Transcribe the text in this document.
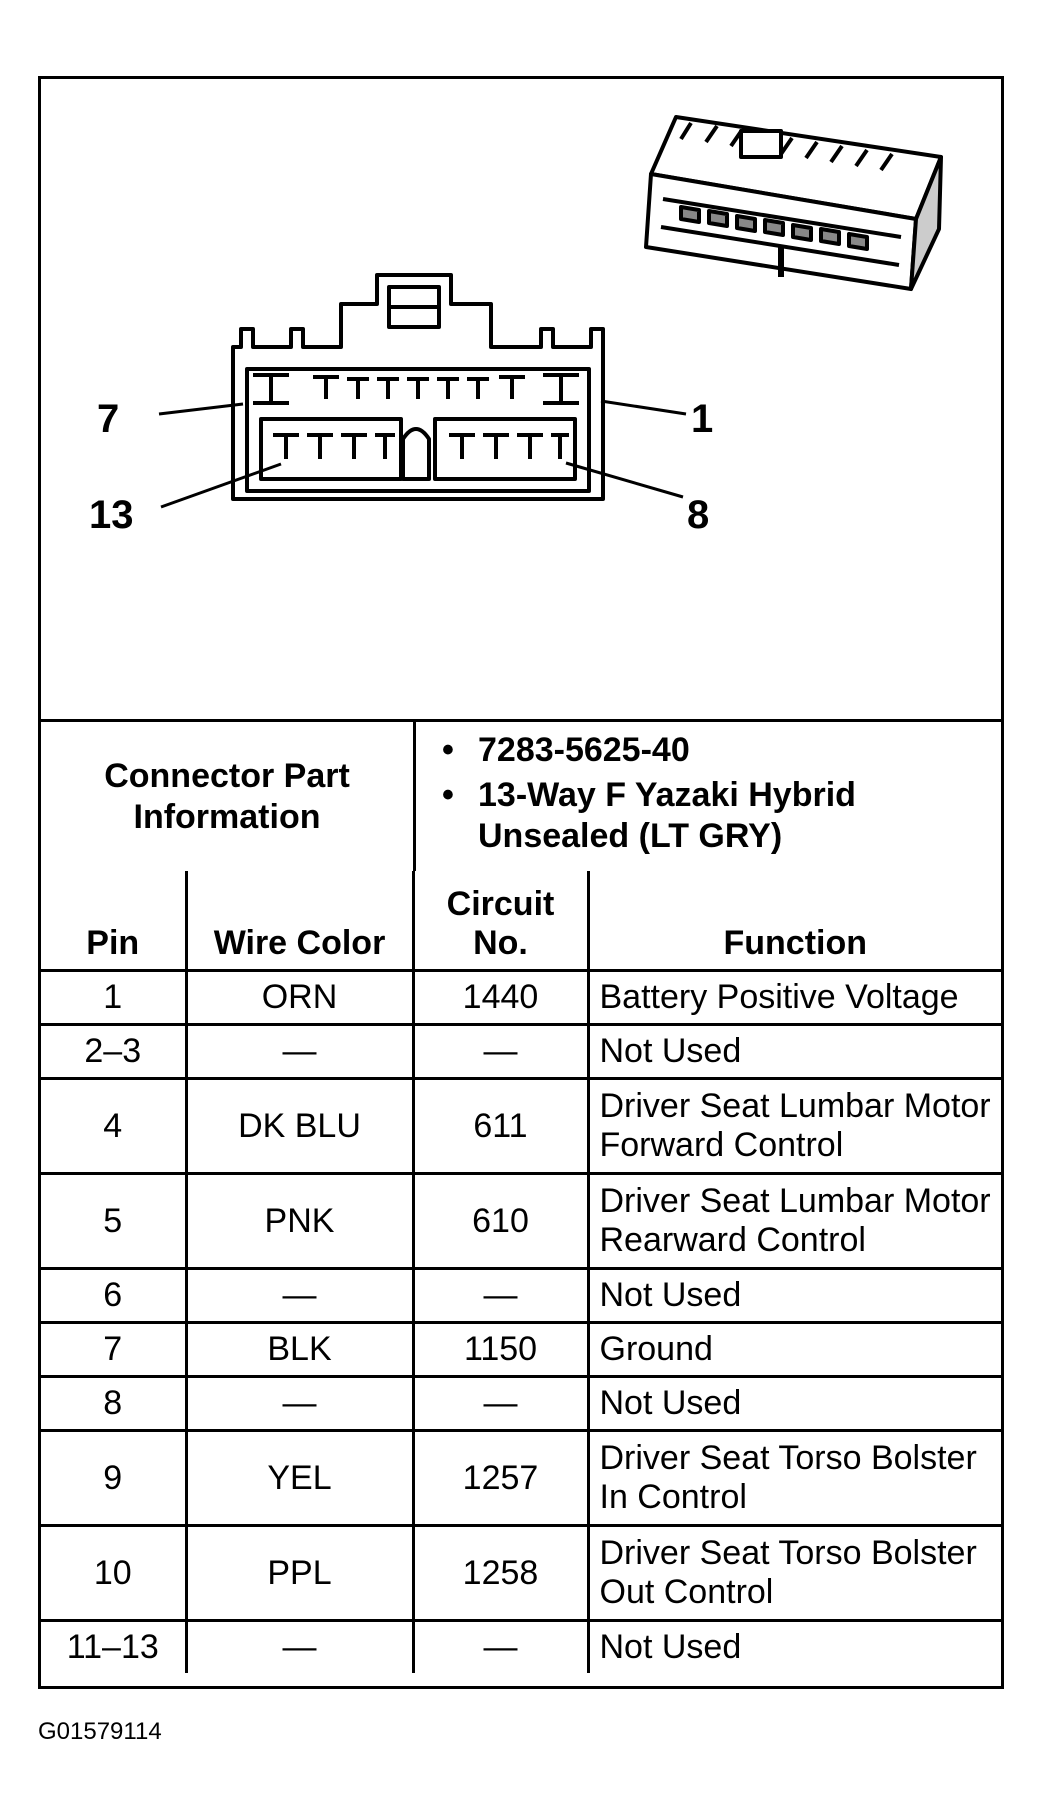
7	1
13	8
Connector Part Information
• 7283-5625-40
• 13-Way F Yazaki Hybrid Unsealed (LT GRY)
Pin	Wire Color	Circuit No.	Function
1	ORN	1440	Battery Positive Voltage
2–3	—	—	Not Used
4	DK BLU	611	Driver Seat Lumbar Motor Forward Control
5	PNK	610	Driver Seat Lumbar Motor Rearward Control
6	—	—	Not Used
7	BLK	1150	Ground
8	—	—	Not Used
9	YEL	1257	Driver Seat Torso Bolster In Control
10	PPL	1258	Driver Seat Torso Bolster Out Control
11–13	—	—	Not Used
G01579114
